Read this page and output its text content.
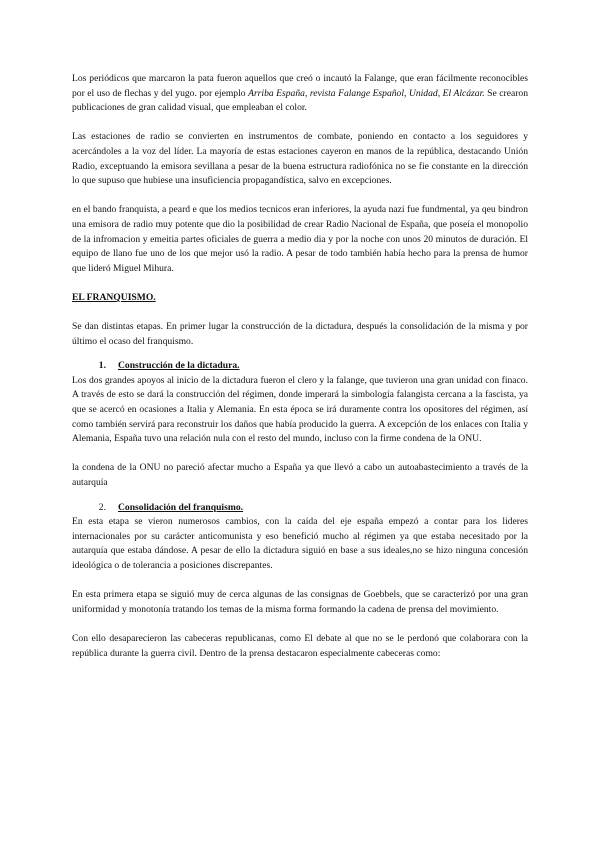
Los periódicos que marcaron la pata fueron aquellos que creó o incautó la Falange, que eran fácilmente reconocibles por el uso de flechas y del yugo. por ejemplo Arriba España, revista Falange Español, Unidad, El Alcázar. Se crearon publicaciones de gran calidad visual, que empleaban el color.

Las estaciones de radio se convierten en instrumentos de combate, poniendo en contacto a los seguidores y acercándoles a la voz del líder. La mayoría de estas estaciones cayeron en manos de la república, destacando Unión Radio, exceptuando la emisora sevillana a pesar de la buena estructura radiofónica no se fie constante en la dirección lo que supuso que hubiese una insuficiencia propagandística, salvo en excepciones.

en el bando franquista, a peard e que los medios tecnicos eran inferiores, la ayuda nazi fue fundmental, ya qeu bindron una emisora de radio muy potente que dio la posibilidad de crear Radio Nacional de España, que poseía el monopolio de la infromacion y emeitia partes oficiales de guerra a medio dia y por la noche con unos 20 minutos de duración. El equipo de llano fue uno de los que mejor usó la radio. A pesar de todo también había hecho para la prensa de humor que lideró Miguel Mihura.

EL FRANQUISMO.

Se dan distintas etapas. En primer lugar la construcción de la dictadura, después la consolidación de la misma y por último el ocaso del franquismo.

1.	Construcción de la dictadura.

Los dos grandes apoyos al inicio de la dictadura fueron el clero y la falange, que tuvieron una gran unidad con finaco. A través de esto se dará la construcción del régimen, donde imperará la simbología falangista cercana a la fascista, ya que se acercó en ocasiones a Italia y Alemania. En esta época se irá duramente contra los opositores del régimen, así como también servirá para reconstruir los daños que había producido la guerra. A excepción de los enlaces con Italia y Alemania, España tuvo una relación nula con el resto del mundo, incluso con la firme condena de la ONU.

la condena de la ONU no pareció afectar mucho a España ya que llevó a cabo un autoabastecimiento a través de la autarquía

2.	Consolidación del franquismo.

En esta etapa se vieron numerosos cambios, con la caída del eje españa empezó a contar para los lideres internacionales por su carácter anticomunista y eso benefició mucho al régimen ya que estaba necesitado por la autarquía que estaba dándose. A pesar de ello la dictadura siguió en base a sus ideales,no se hizo ninguna concesión ideológica o de tolerancia a posiciones discrepantes.

En esta primera etapa se siguió muy de cerca algunas de las consignas de Goebbels, que se caracterizó por una gran uniformidad y monotonía tratando los temas de la misma forma formando la cadena de prensa del movimiento.

Con ello desaparecieron las cabeceras republicanas, como El debate al que no se le perdonó que colaborara con la república durante la guerra civil. Dentro de la prensa destacaron especialmente cabeceras como:
